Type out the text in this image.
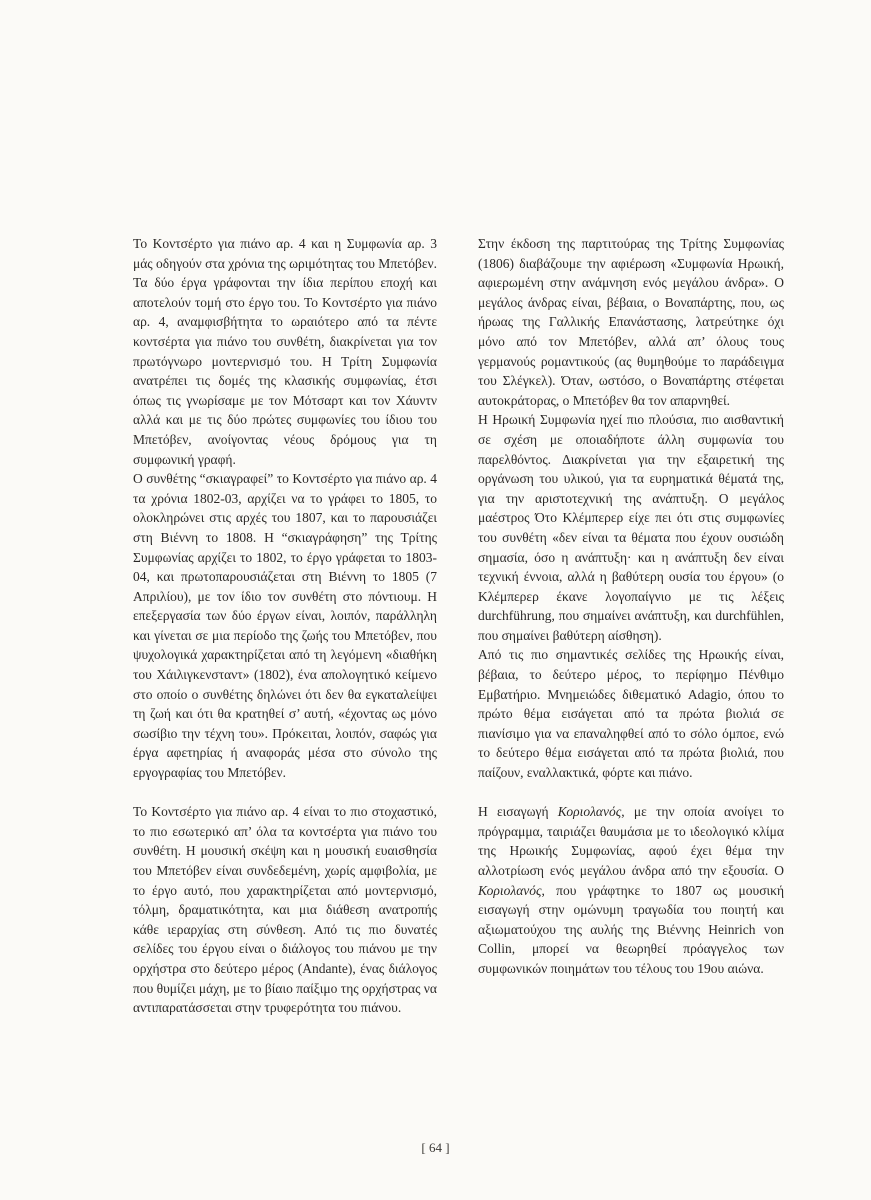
Το Κοντσέρτο για πιάνο αρ. 4 και η Συμφωνία αρ. 3 μάς οδηγούν στα χρόνια της ωριμότητας του Μπετόβεν. Τα δύο έργα γράφονται την ίδια περίπου εποχή και αποτελούν τομή στο έργο του. Το Κοντσέρτο για πιάνο αρ. 4, αναμφισβήτητα το ωραιότερο από τα πέντε κοντσέρτα για πιάνο του συνθέτη, διακρίνεται για τον πρωτόγνωρο μοντερνισμό του. Η Τρίτη Συμφωνία ανατρέπει τις δομές της κλασικής συμφωνίας, έτσι όπως τις γνωρίσαμε με τον Μότσαρτ και τον Χάυντν αλλά και με τις δύο πρώτες συμφωνίες του ίδιου του Μπετόβεν, ανοίγοντας νέους δρόμους για τη συμφωνική γραφή.

Ο συνθέτης “σκιαγραφεί” το Κοντσέρτο για πιάνο αρ. 4 τα χρόνια 1802-03, αρχίζει να το γράφει το 1805, το ολοκληρώνει στις αρχές του 1807, και το παρουσιάζει στη Βιέννη το 1808. Η “σκιαγράφηση” της Τρίτης Συμφωνίας αρχίζει το 1802, το έργο γράφεται το 1803-04, και πρωτοπαρουσιάζεται στη Βιέννη το 1805 (7 Απριλίου), με τον ίδιο τον συνθέτη στο πόντιουμ. Η επεξεργασία των δύο έργων είναι, λοιπόν, παράλληλη και γίνεται σε μια περίοδο της ζωής του Μπετόβεν, που ψυχολογικά χαρακτηρίζεται από τη λεγόμενη «διαθήκη του Χάιλιγκενσταντ» (1802), ένα απολογητικό κείμενο στο οποίο ο συνθέτης δηλώνει ότι δεν θα εγκαταλείψει τη ζωή και ότι θα κρατηθεί σ’ αυτή, «έχοντας ως μόνο σωσίβιο την τέχνη του». Πρόκειται, λοιπόν, σαφώς για έργα αφετηρίας ή αναφοράς μέσα στο σύνολο της εργογραφίας του Μπετόβεν.

Το Κοντσέρτο για πιάνο αρ. 4 είναι το πιο στοχαστικό, το πιο εσωτερικό απ’ όλα τα κοντσέρτα για πιάνο του συνθέτη. Η μουσική σκέψη και η μουσική ευαισθησία του Μπετόβεν είναι συνδεδεμένη, χωρίς αμφιβολία, με το έργο αυτό, που χαρακτηρίζεται από μοντερνισμό, τόλμη, δραματικότητα, και μια διάθεση ανατροπής κάθε ιεραρχίας στη σύνθεση. Από τις πιο δυνατές σελίδες του έργου είναι ο διάλογος του πιάνου με την ορχήστρα στο δεύτερο μέρος (Andante), ένας διάλογος που θυμίζει μάχη, με το βίαιο παίξιμο της ορχήστρας να αντιπαρατάσσεται στην τρυφερότητα του πιάνου.

Στην έκδοση της παρτιτούρας της Τρίτης Συμφωνίας (1806) διαβάζουμε την αφιέρωση «Συμφωνία Ηρωική, αφιερωμένη στην ανάμνηση ενός μεγάλου άνδρα». Ο μεγάλος άνδρας είναι, βέβαια, ο Βοναπάρτης, που, ως ήρωας της Γαλλικής Επανάστασης, λατρεύτηκε όχι μόνο από τον Μπετόβεν, αλλά απ’ όλους τους γερμανούς ρομαντικούς (ας θυμηθούμε το παράδειγμα του Σλέγκελ). Όταν, ωστόσο, ο Βοναπάρτης στέφεται αυτοκράτορας, ο Μπετόβεν θα τον απαρνηθεί.

Η Ηρωική Συμφωνία ηχεί πιο πλούσια, πιο αισθαντική σε σχέση με οποιαδήποτε άλλη συμφωνία του παρελθόντος. Διακρίνεται για την εξαιρετική της οργάνωση του υλικού, για τα ευρηματικά θέματά της, για την αριστοτεχνική της ανάπτυξη. Ο μεγάλος μαέστρος Ότο Κλέμπερερ είχε πει ότι στις συμφωνίες του συνθέτη «δεν είναι τα θέματα που έχουν ουσιώδη σημασία, όσο η ανάπτυξη· και η ανάπτυξη δεν είναι τεχνική έννοια, αλλά η βαθύτερη ουσία του έργου» (ο Κλέμπερερ έκανε λογοπαίγνιο με τις λέξεις durchführung, που σημαίνει ανάπτυξη, και durchfühlen, που σημαίνει βαθύτερη αίσθηση).

Από τις πιο σημαντικές σελίδες της Ηρωικής είναι, βέβαια, το δεύτερο μέρος, το περίφημο Πένθιμο Εμβατήριο. Μνημειώδες διθεματικό Adagio, όπου το πρώτο θέμα εισάγεται από τα πρώτα βιολιά σε πιανίσιμο για να επαναληφθεί από το σόλο όμποε, ενώ το δεύτερο θέμα εισάγεται από τα πρώτα βιολιά, που παίζουν, εναλλακτικά, φόρτε και πιάνο.

Η εισαγωγή Κοριολανός, με την οποία ανοίγει το πρόγραμμα, ταιριάζει θαυμάσια με το ιδεολογικό κλίμα της Ηρωικής Συμφωνίας, αφού έχει θέμα την αλλοτρίωση ενός μεγάλου άνδρα από την εξουσία. Ο Κοριολανός, που γράφτηκε το 1807 ως μουσική εισαγωγή στην ομώνυμη τραγωδία του ποιητή και αξιωματούχου της αυλής της Βιέννης Heinrich von Collin, μπορεί να θεωρηθεί πρόαγγελος των συμφωνικών ποιημάτων του τέλους του 19ου αιώνα.

[ 64 ]
